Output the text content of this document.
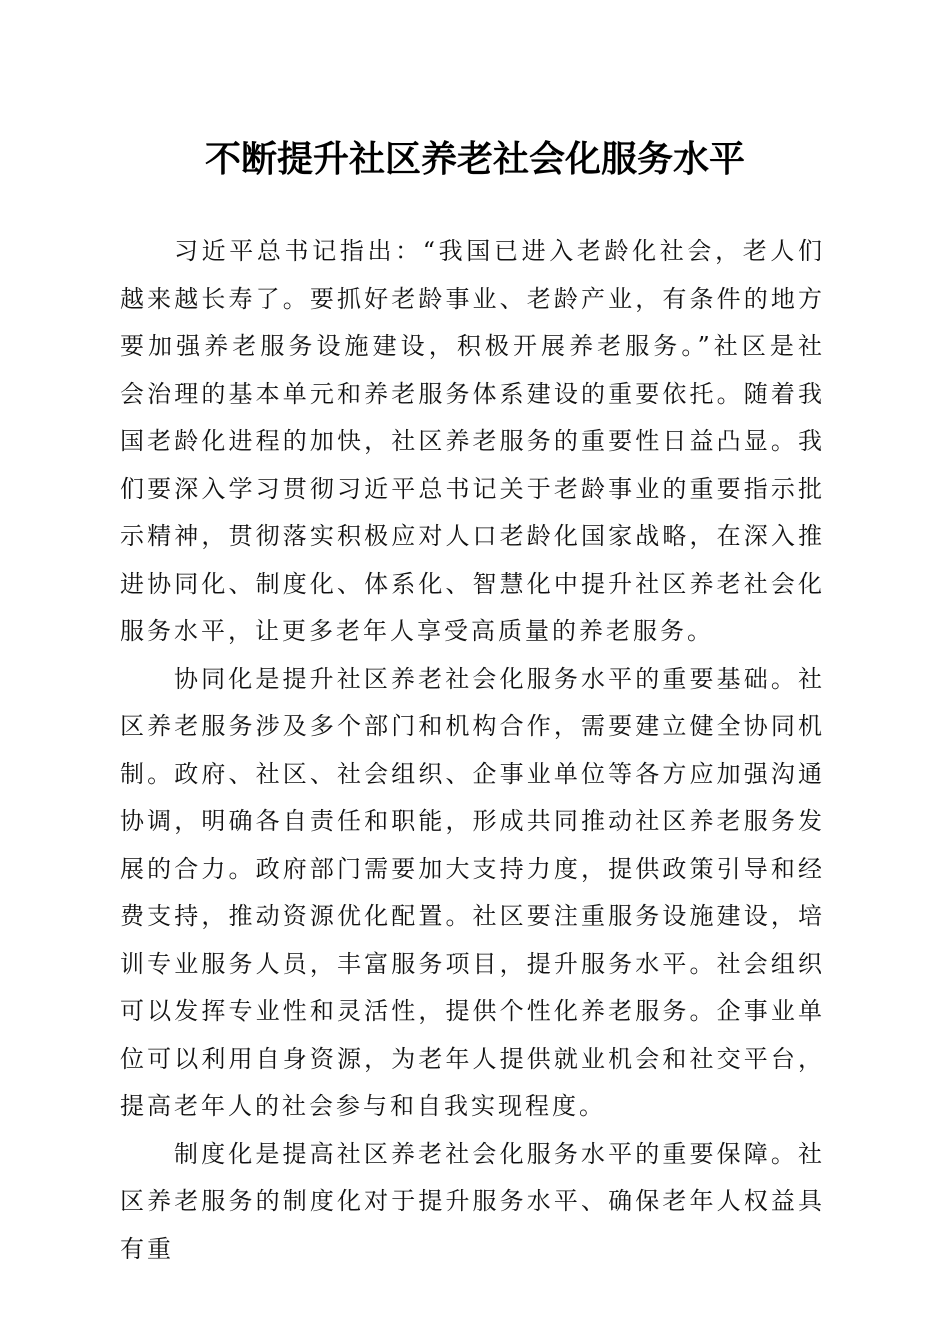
不断提升社区养老社会化服务水平

习近平总书记指出：“我国已进入老龄化社会，老人们越来越长寿了。要抓好老龄事业、老龄产业，有条件的地方要加强养老服务设施建设，积极开展养老服务。”社区是社会治理的基本单元和养老服务体系建设的重要依托。随着我国老龄化进程的加快，社区养老服务的重要性日益凸显。我们要深入学习贯彻习近平总书记关于老龄事业的重要指示批示精神，贯彻落实积极应对人口老龄化国家战略，在深入推进协同化、制度化、体系化、智慧化中提升社区养老社会化服务水平，让更多老年人享受高质量的养老服务。

协同化是提升社区养老社会化服务水平的重要基础。社区养老服务涉及多个部门和机构合作，需要建立健全协同机制。政府、社区、社会组织、企事业单位等各方应加强沟通协调，明确各自责任和职能，形成共同推动社区养老服务发展的合力。政府部门需要加大支持力度，提供政策引导和经费支持，推动资源优化配置。社区要注重服务设施建设，培训专业服务人员，丰富服务项目，提升服务水平。社会组织可以发挥专业性和灵活性，提供个性化养老服务。企事业单位可以利用自身资源，为老年人提供就业机会和社交平台，提高老年人的社会参与和自我实现程度。

制度化是提高社区养老社会化服务水平的重要保障。社区养老服务的制度化对于提升服务水平、确保老年人权益具有重
